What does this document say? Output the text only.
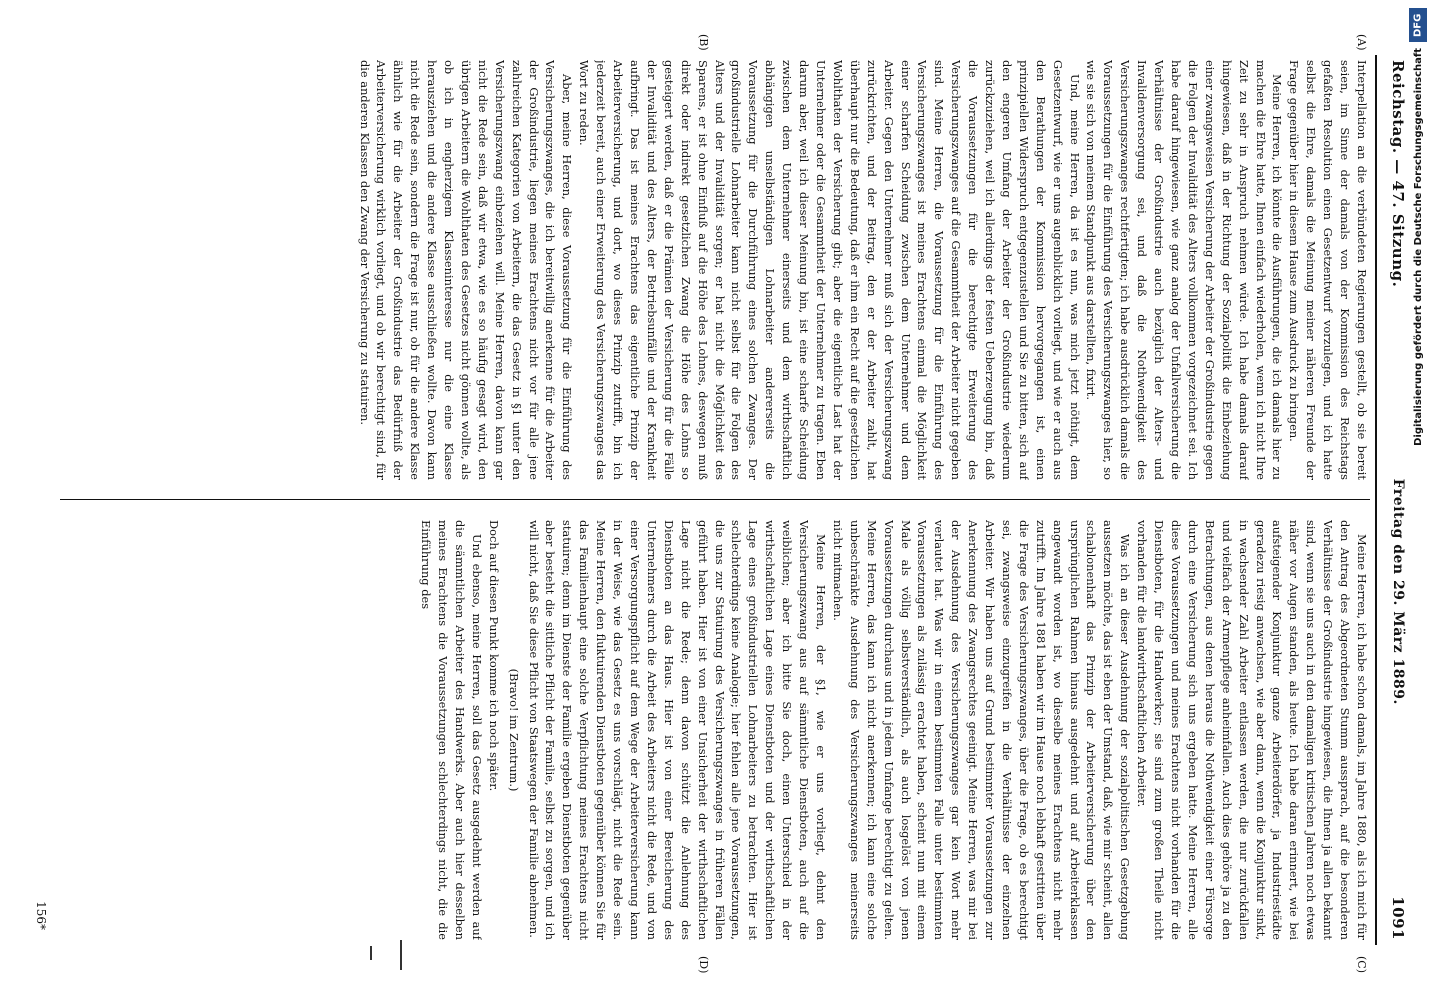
Reichstag. — 47. Sitzung.
Freitag den 29. März 1889.
1091
(A)
(B)
(C)
(D)

Interpellation an die verbündeten Regierungen gestellt, ob sie bereit seien, im Sinne der damals von der Kommission des Reichstags gefaßten Resolution einen Gesetzentwurf vorzulegen, und ich hatte selbst die Ehre, damals die Meinung meiner näheren Freunde der Frage gegenüber hier in diesem Hause zum Ausdruck zu bringen.

Meine Herren, ich könnte die Ausführungen, die ich damals hier zu machen die Ehre hatte, Ihnen einfach wiederholen, wenn ich nicht Ihre Zeit zu sehr in Anspruch nehmen würde. Ich habe damals darauf hingewiesen, daß in der Richtung der Sozialpolitik die Einbeziehung einer zwangsweisen Versicherung der Arbeiter der Großindustrie gegen die Folgen der Invalidität des Alters vollkommen vorgezeichnet sei. Ich habe darauf hingewiesen, wie ganz analog der Unfallversicherung die Verhältnisse der Großindustrie auch bezüglich der Alters- und Invalidenversorgung sei, und daß die Nothwendigkeit des Versicherungszwanges rechtfertigten; ich habe ausdrücklich damals die Voraussetzungen für die Einführung des Versicherungszwanges hier, so wie sie sich von meinem Standpunkt aus darstellten, fixirt.

Und, meine Herren, da ist es nun, was mich jetzt nöthigt, dem Gesetzentwurf, wie er uns augenblicklich vorliegt, und wie er auch aus den Berathungen der Kommission hervorgegangen ist, einen prinzipiellen Widerspruch entgegenzustellen und Sie zu bitten, sich auf den engeren Umfang der Arbeiter der Großindustrie wiederum zurückzuziehen, weil ich allerdings der festen Ueberzeugung bin, daß die Voraussetzungen für die berechtigte Erweiterung des Versicherungszwanges auf die Gesammtheit der Arbeiter nicht gegeben sind. Meine Herren, die Voraussetzung für die Einführung des Versicherungszwanges ist meines Erachtens einmal die Möglichkeit einer scharfen Scheidung zwischen dem Unternehmer und dem Arbeiter. Gegen den Unternehmer muß sich der Versicherungszwang zurückrichten, und der Beitrag, den er der Arbeiter zahlt, hat überhaupt nur die Bedeutung, daß er ihm ein Recht auf die gesetzlichen Wohlthaten der Versicherung gibt; aber die eigentliche Last hat der Unternehmer oder die Gesammtheit der Unternehmer zu tragen. Eben darum aber, weil ich dieser Meinung bin, ist eine scharfe Scheidung zwischen dem Unternehmer einerseits und dem wirthschaftlich abhängigen unselbständigen Lohnarbeiter andererseits die Voraussetzung für die Durchführung eines solchen Zwanges. Der großindustrielle Lohnarbeiter kann nicht selbst für die Folgen des Alters und der Invalidität sorgen; er hat nicht die Möglichkeit des Sparens, er ist ohne Einfluß auf die Höhe des Lohnes, deswegen muß direkt oder indirekt gesetzlichen Zwang die Höhe des Lohns so gesteigert werden, daß er die Prämien der Versicherung für die Fälle der Invalidität und des Alters, der Betriebsunfälle und der Krankheit aufbringt. Das ist meines Erachtens das eigentliche Prinzip der Arbeiterversicherung, und dort, wo dieses Prinzip zutrifft, bin ich jederzeit bereit, auch einer Erweiterung des Versicherungszwanges das Wort zu reden.

Aber, meine Herren, diese Voraussetzung für die Einführung des Versicherungszwanges, die ich bereitwillig anerkenne für die Arbeiter der Großindustrie, liegen meines Erachtens nicht vor für alle jene zahlreichen Kategorien von Arbeitern, die das Gesetz in §1 unter den Versicherungszwang einbeziehen will. Meine Herren, davon kann gar nicht die Rede sein, daß wir etwa, wie es so häufig gesagt wird, den übrigen Arbeitern die Wohlthaten des Gesetzes nicht gönnen wollte, als ob ich in engherzigem Klasseninteresse nur die eine Klasse herausziehen und die andere Klasse ausschließen wollte. Davon kann nicht die Rede sein, sondern die Frage ist nur, ob für die andere Klasse ähnlich wie für die Arbeiter der Großindustrie das Bedürfniß der Arbeiterversicherung wirklich vorliegt, und ob wir berechtigt sind, für die anderen Klassen den Zwang der Versicherung zu statuiren.

Meine Herren, ich habe schon damals, im Jahre 1880, als ich mich für den Antrag des Abgeordneten Stumm aussprach, auf die besonderen Verhältnisse der Großindustrie hingewiesen, die Ihnen ja allen bekannt sind, wenn sie uns auch in den damaligen kritischen Jahren noch etwas näher vor Augen standen, als heute. Ich habe daran erinnert, wie bei aufsteigender Konjunktur ganze Arbeiterdörfer, ja Industriestädte geradezu riesig anwachsen, wie aber dann, wenn die Konjunktur sinkt, in wachsender Zahl Arbeiter entlassen werden, die nur zurückfallen und vielfach der Armenpflege anheimfallen. Auch dies gehöre ja zu den Betrachtungen, aus denen heraus die Nothwendigkeit einer Fürsorge durch eine Versicherung sich uns ergeben hatte. Meine Herren, alle diese Voraussetzungen und meines Erachtens nicht vorhanden für die Dienstboten, für die Handwerker; sie sind zum großen Theile nicht vorhanden für die landwirthschaftlichen Arbeiter.

Was ich an dieser Ausdehnung der sozialpolitischen Gesetzgebung aussetzen möchte, das ist eben der Umstand, daß, wie mir scheint, allen schablonenhaft das Prinzip der Arbeiterversicherung über den ursprünglichen Rahmen hinaus ausgedehnt und auf Arbeiterklassen angewandt worden ist, wo dieselbe meines Erachtens nicht mehr zutrifft. Im Jahre 1881 haben wir im Hause noch lebhaft gestritten über die Frage des Versicherungszwanges, über die Frage, ob es berechtigt sei, zwangsweise einzugreifen in die Verhältnisse der einzelnen Arbeiter. Wir haben uns auf Grund bestimmter Voraussetzungen zur Anerkennung des Zwangsrechtes geeinigt. Meine Herren, was mir bei der Ausdehnung des Versicherungszwanges gar kein Wort mehr verlautet hat. Was wir in einem bestimmten Falle unter bestimmten Voraussetzungen als zulässig erachtet haben, scheint nun mit einem Male als völlig selbstverständlich, als auch losgelöst von jenen Voraussetzungen durchaus und in jedem Umfange berechtigt zu gelten. Meine Herren, das kann ich nicht anerkennen; ich kann eine solche unbeschränkte Ausdehnung des Versicherungszwanges meinerseits nicht mitmachen.

Meine Herren, der §1, wie er uns vorliegt, dehnt den Versicherungszwang aus auf sämmtliche Dienstboten, auch auf die weiblichen; aber ich bitte Sie doch, einen Unterschied in der wirthschaftlichen Lage eines Dienstboten und der wirthschaftlichen Lage eines großindustriellen Lohnarbeiters zu betrachten. Hier ist schlechterdings keine Analogie; hier fehlen alle jene Voraussetzungen, die uns zur Statuirung des Versicherungszwanges in früheren Fällen geführt haben. Hier ist von einer Unsicherheit der wirthschaftlichen Lage nicht die Rede; denn davon schützt die Anlehnung des Dienstboten an das Haus. Hier ist von einer Bereicherung des Unternehmers durch die Arbeit des Arbeiters nicht die Rede, und von einer Versorgungspflicht auf dem Wege der Arbeiterversicherung kann in der Weise, wie das Gesetz es uns vorschlägt, nicht die Rede sein. Meine Herren, den fluktuirenden Dienstboten gegenüber können Sie für das Familienhaupt eine solche Verpflichtung meines Erachtens nicht statuiren; denn im Dienste der Familie ergeben Dienstboten gegenüber aber besteht die sittliche Pflicht der Familie, selbst zu sorgen, und ich will nicht, daß Sie diese Pflicht von Staatswegen der Familie abnehmen.

(Bravo! im Zentrum.)

Doch auf diesen Punkt komme ich noch später.

Und ebenso, meine Herren, soll das Gesetz ausgedehnt werden auf die sämmtlichen Arbeiter des Handwerks. Aber auch hier desselben meines Erachtens die Voraussetzungen schlechterdings nicht, die die Einführung des

156*
DFG
Digitalisierung gefördert durch die Deutsche Forschungsgemeinschaft
